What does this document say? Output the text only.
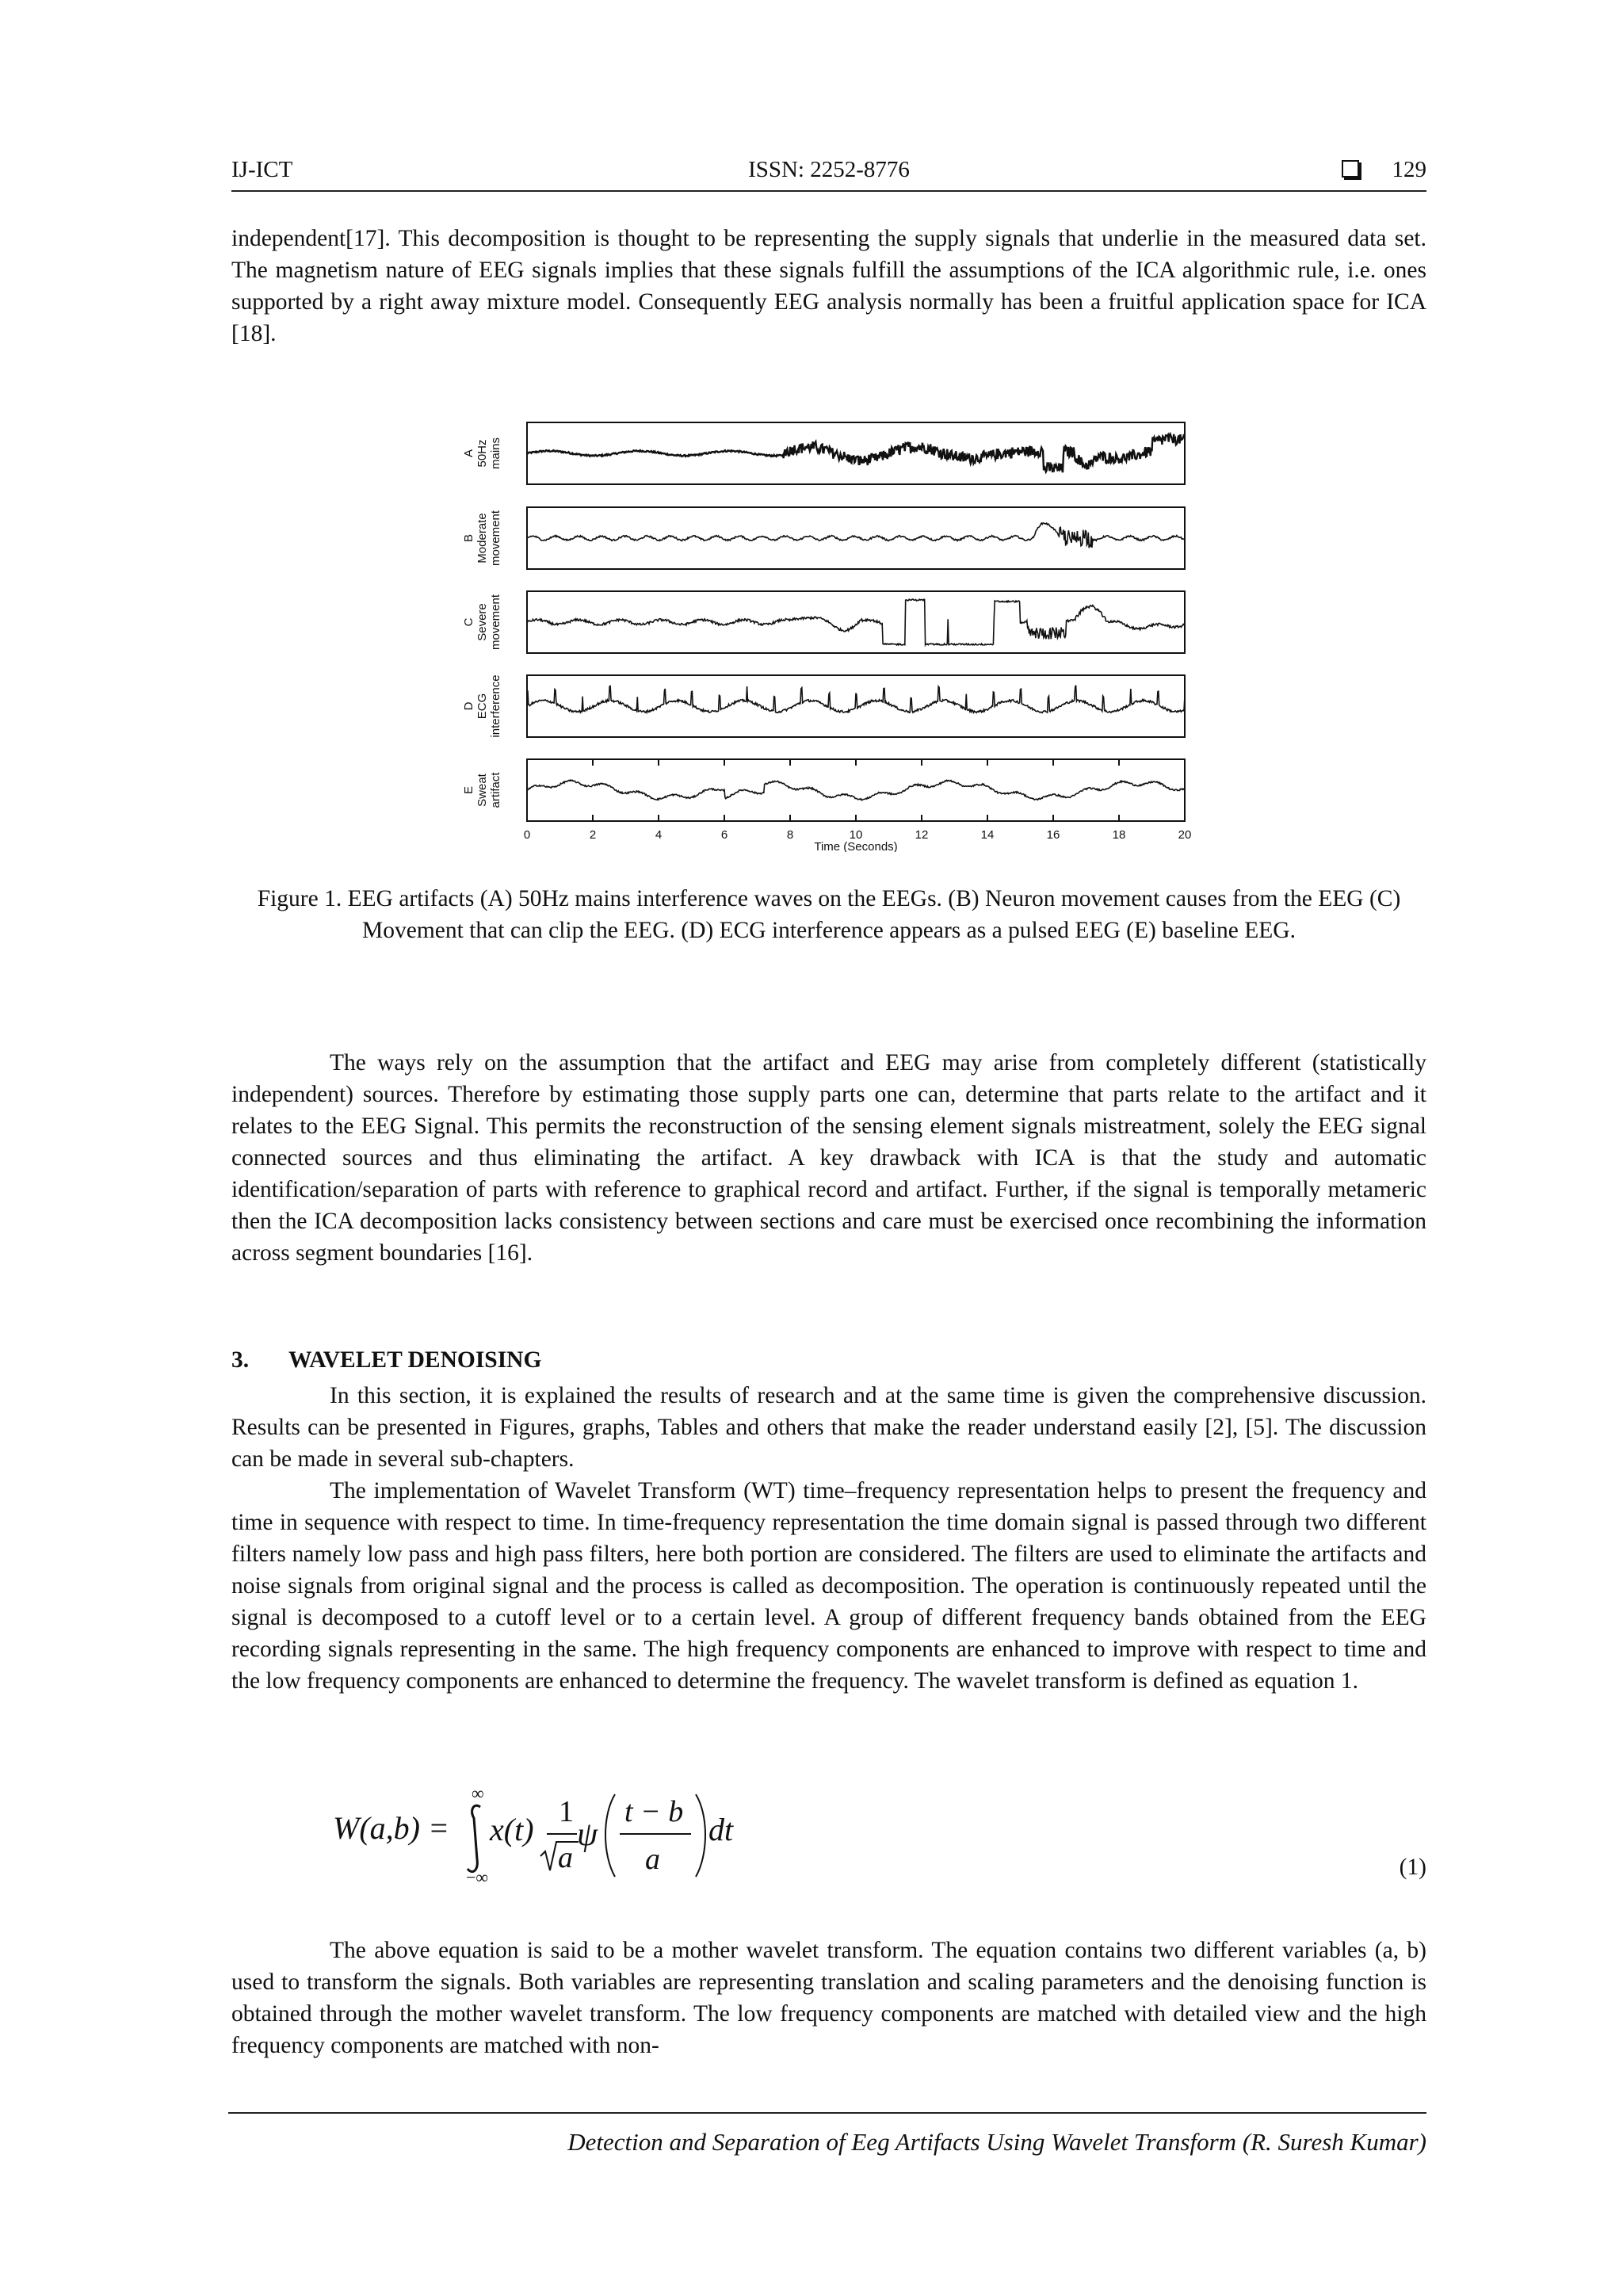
IJ-ICT	ISSN: 2252-8776	129

independent[17]. This decomposition is thought to be representing the supply signals that underlie in the measured data set. The magnetism nature of EEG signals implies that these signals fulfill the assumptions of the ICA algorithmic rule, i.e. ones supported by a right away mixture model. Consequently EEG analysis normally has been a fruitful application space for ICA [18].

A 50Hz mains
B Moderate movement
C Severe movement
D ECG interference
E Sweat artifact
0	2	4	6	8	10	12	14	16	18	20
Time (Seconds)

Figure 1. EEG artifacts (A) 50Hz mains interference waves on the EEGs. (B) Neuron movement causes from the EEG (C) Movement that can clip the EEG. (D) ECG interference appears as a pulsed EEG (E) baseline EEG.

The ways rely on the assumption that the artifact and EEG may arise from completely different (statistically independent) sources. Therefore by estimating those supply parts one can, determine that parts relate to the artifact and it relates to the EEG Signal. This permits the reconstruction of the sensing element signals mistreatment, solely the EEG signal connected sources and thus eliminating the artifact. A key drawback with ICA is that the study and automatic identification/separation of parts with reference to graphical record and artifact. Further, if the signal is temporally metameric then the ICA decomposition lacks consistency between sections and care must be exercised once recombining the information across segment boundaries [16].

3. WAVELET DENOISING

In this section, it is explained the results of research and at the same time is given the comprehensive discussion. Results can be presented in Figures, graphs, Tables and others that make the reader understand easily [2], [5]. The discussion can be made in several sub-chapters.

The implementation of Wavelet Transform (WT) time–frequency representation helps to present the frequency and time in sequence with respect to time. In time-frequency representation the time domain signal is passed through two different filters namely low pass and high pass filters, here both portion are considered. The filters are used to eliminate the artifacts and noise signals from original signal and the process is called as decomposition. The operation is continuously repeated until the signal is decomposed to a cutoff level or to a certain level. A group of different frequency bands obtained from the EEG recording signals representing in the same. The high frequency components are enhanced to improve with respect to time and the low frequency components are enhanced to determine the frequency. The wavelet transform is defined as equation 1.

W(a,b) =
∞
−∞
x(t) 1
a
ψ
t − b
a
dt
(1)

The above equation is said to be a mother wavelet transform. The equation contains two different variables (a, b) used to transform the signals. Both variables are representing translation and scaling parameters and the denoising function is obtained through the mother wavelet transform. The low frequency components are matched with detailed view and the high frequency components are matched with non-

Detection and Separation of Eeg Artifacts Using Wavelet Transform (R. Suresh Kumar)
